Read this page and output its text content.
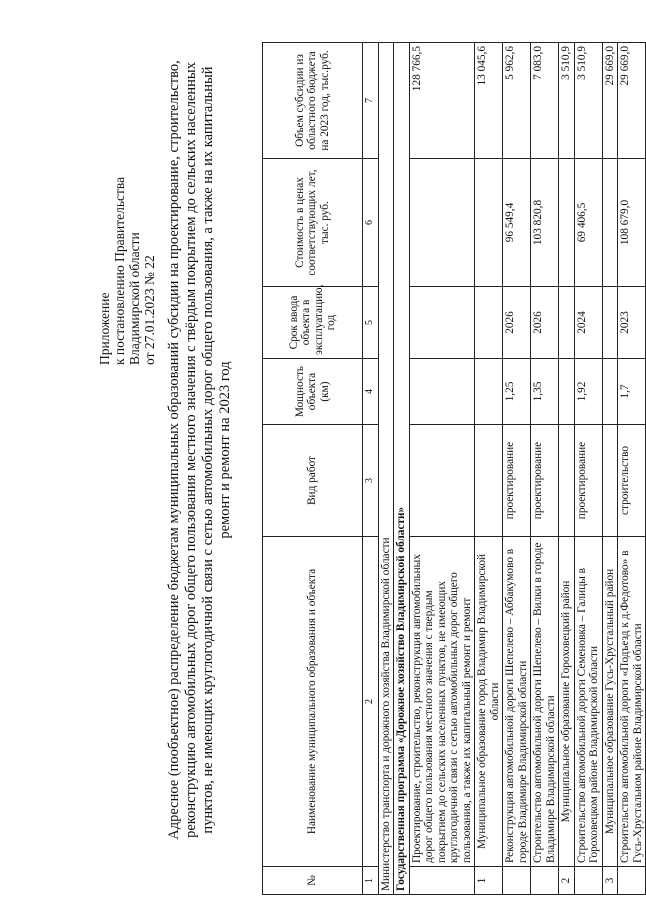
Приложение к постановлению Правительства Владимирской области от 27.01.2023 № 22 Адресное (пообъектное) распределение бюджетам муниципальных образований субсидии на проектирование, строительство, реконструкцию автомобильных дорог общего пользования местного значения с твёрдым покрытием до сельских населенных пунктов, не имеющих круглогодичной связи с сетью автомобильных дорог общего пользования, а также на их капитальный ремонт и ремонт на 2023 год
№	Наименование муниципального образования и объекта	Вид работ	Мощность объекта (км)	Срок ввода объекта в эксплуатацию, год	Стоимость в ценах соответствующих лет, тыс. руб.	Объем субсидии из областного бюджета на 2023 год, тыс.руб.
1	2	3	4	5	6	7
Министерство транспорта и дорожного хозяйства Владимирской области						
Государственная программа «Дорожное хозяйство Владимирской области»						
	Проектирование, строительство, реконструкция автомобильных дорог общего пользования местного значения с твердым покрытием до сельских населенных пунктов, не имеющих круглогодичной связи с сетью автомобильных дорог общего пользования, а также их капитальный ремонт и ремонт					128 766,5
1	Муниципальное образование город Владимир Владимирской области					13 045,6
	Реконструкция автомобильной дороги Шепелево – Аббакумово в городе Владимире Владимирской области	проектирование	1,25	2026	96 549,4	5 962,6
	Строительство автомобильной дороги Шепелево – Вилки в городе Владимире Владимирской области	проектирование	1,35	2026	103 820,8	7 083,0
2	Муниципальное образование Гороховецкий район					3 510,9
	Строительство автомобильной дороги Семеновка – Галицы в Гороховецком районе Владимирской области	проектирование	1,92	2024	69 406,5	3 510,9
3	Муниципальное образование Гусь-Хрустальный район					29 669,0
	Строительство автомобильной дороги «Подъезд к д.Федотово» в Гусь-Хрустальном районе Владимирской области	строительство	1,7	2023	108 679,0	29 669,0
